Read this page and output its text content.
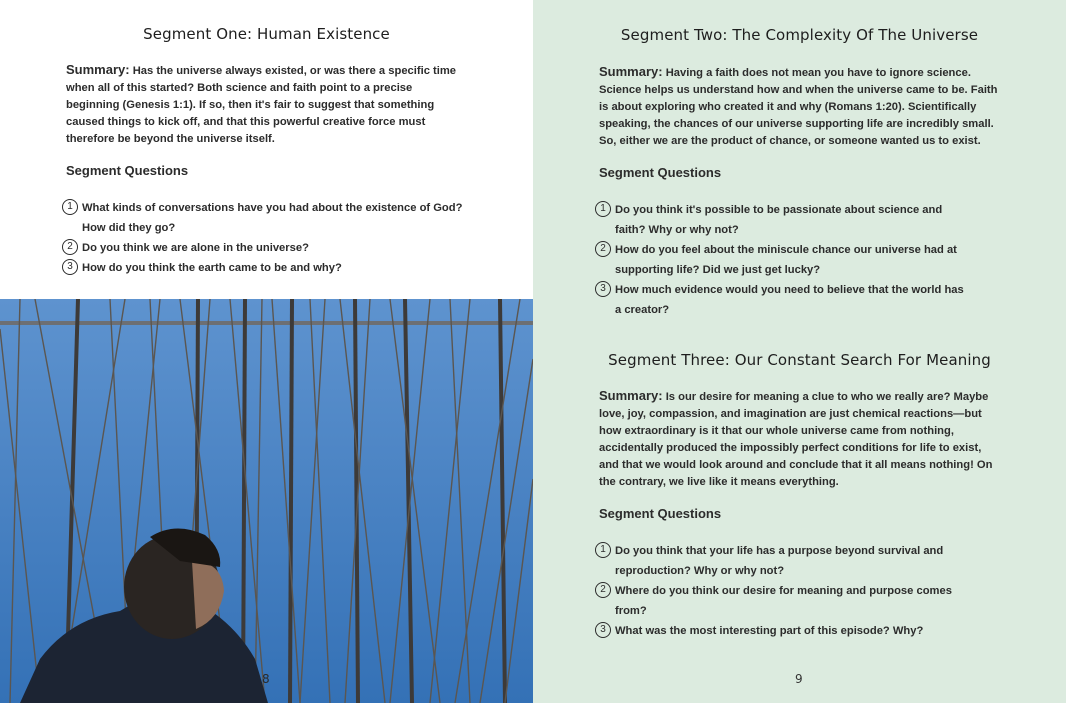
Segment One: Human Existence

Summary: Has the universe always existed, or was there a specific time when all of this started? Both science and faith point to a precise beginning (Genesis 1:1). If so, then it's fair to suggest that something caused things to kick off, and that this powerful creative force must therefore be beyond the universe itself.

Segment Questions

1 What kinds of conversations have you had about the existence of God? How did they go?
2 Do you think we are alone in the universe?
3 How do you think the earth came to be and why?
8
Segment Two: The Complexity Of The Universe

Summary: Having a faith does not mean you have to ignore science. Science helps us understand how and when the universe came to be. Faith is about exploring who created it and why (Romans 1:20). Scientifically speaking, the chances of our universe supporting life are incredibly small. So, either we are the product of chance, or someone wanted us to exist.

Segment Questions

1 Do you think it's possible to be passionate about science and faith? Why or why not?
2 How do you feel about the miniscule chance our universe had at supporting life? Did we just get lucky?
3 How much evidence would you need to believe that the world has a creator?
Segment Three: Our Constant Search For Meaning

Summary: Is our desire for meaning a clue to who we really are? Maybe love, joy, compassion, and imagination are just chemical reactions—but how extraordinary is it that our whole universe came from nothing, accidentally produced the impossibly perfect conditions for life to exist, and that we would look around and conclude that it all means nothing! On the contrary, we live like it means everything.

Segment Questions

1 Do you think that your life has a purpose beyond survival and reproduction? Why or why not?
2 Where do you think our desire for meaning and purpose comes from?
3 What was the most interesting part of this episode? Why?
9
